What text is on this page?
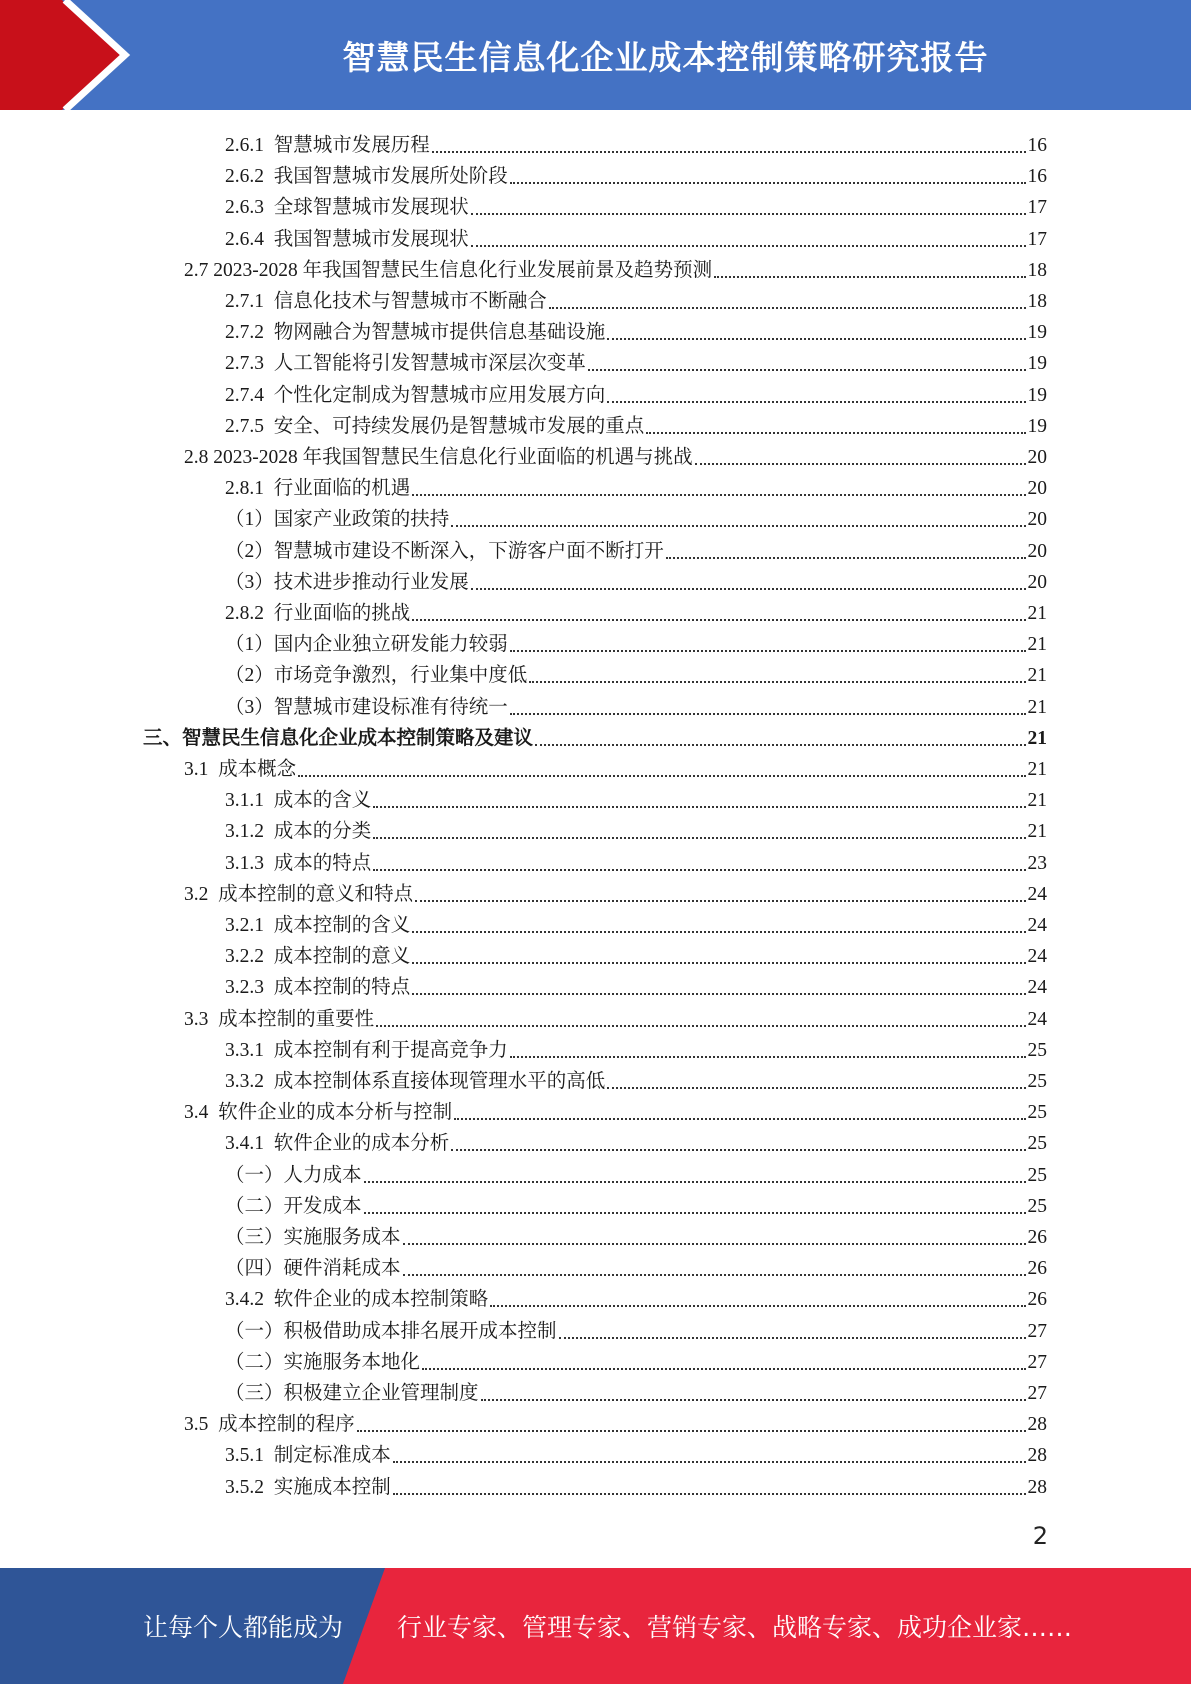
智慧民生信息化企业成本控制策略研究报告
2.6.1  智慧城市发展历程	16
2.6.2  我国智慧城市发展所处阶段	16
2.6.3  全球智慧城市发展现状	17
2.6.4  我国智慧城市发展现状	17
2.7 2023-2028 年我国智慧民生信息化行业发展前景及趋势预测	18
2.7.1  信息化技术与智慧城市不断融合	18
2.7.2  物网融合为智慧城市提供信息基础设施	19
2.7.3  人工智能将引发智慧城市深层次变革	19
2.7.4  个性化定制成为智慧城市应用发展方向	19
2.7.5  安全、可持续发展仍是智慧城市发展的重点	19
2.8 2023-2028 年我国智慧民生信息化行业面临的机遇与挑战	20
2.8.1  行业面临的机遇	20
（1）国家产业政策的扶持	20
（2）智慧城市建设不断深入，下游客户面不断打开	20
（3）技术进步推动行业发展	20
2.8.2  行业面临的挑战	21
（1）国内企业独立研发能力较弱	21
（2）市场竞争激烈，行业集中度低	21
（3）智慧城市建设标准有待统一	21
三、智慧民生信息化企业成本控制策略及建议	21
3.1  成本概念	21
3.1.1  成本的含义	21
3.1.2  成本的分类	21
3.1.3  成本的特点	23
3.2  成本控制的意义和特点	24
3.2.1  成本控制的含义	24
3.2.2  成本控制的意义	24
3.2.3  成本控制的特点	24
3.3  成本控制的重要性	24
3.3.1  成本控制有利于提高竞争力	25
3.3.2  成本控制体系直接体现管理水平的高低	25
3.4  软件企业的成本分析与控制	25
3.4.1  软件企业的成本分析	25
（一）人力成本	25
（二）开发成本	25
（三）实施服务成本	26
（四）硬件消耗成本	26
3.4.2  软件企业的成本控制策略	26
（一）积极借助成本排名展开成本控制	27
（二）实施服务本地化	27
（三）积极建立企业管理制度	27
3.5  成本控制的程序	28
3.5.1  制定标准成本	28
3.5.2  实施成本控制	28
2
让每个人都能成为 行业专家、管理专家、营销专家、战略专家、成功企业家……
